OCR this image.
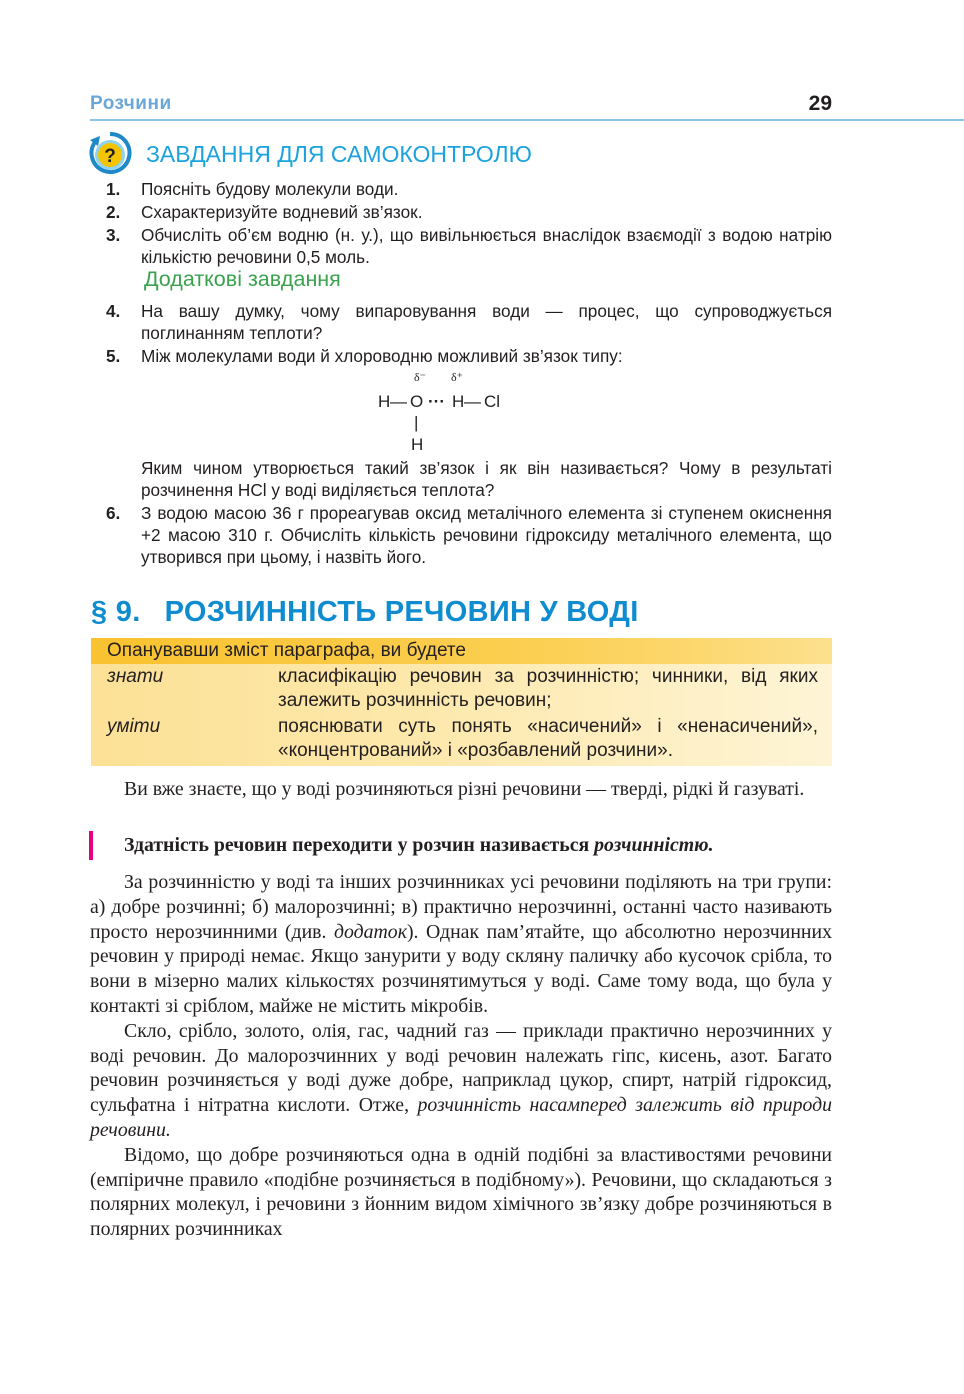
Розчини	29
? ЗАВДАННЯ ДЛЯ САМОКОНТРОЛЮ
1. Поясніть будову молекули води.
2. Схарактеризуйте водневий зв’язок.
3. Обчисліть об’єм водню (н. у.), що вивільнюється внаслідок взаємодії з водою натрію кількістю речовини 0,5 моль.
Додаткові завдання
4. На вашу думку, чому випаровування води — процес, що супроводжується поглинанням теплоти?
5. Між молекулами води й хлороводню можливий зв’язок типу:
δ⁻ δ⁺
H — O ··· H — Cl
|
H
Яким чином утворюється такий зв’язок і як він називається? Чому в результаті розчинення HCl у воді виділяється теплота?
6. З водою масою 36 г прореагував оксид металічного елемента зі ступенем окиснення +2 масою 310 г. Обчисліть кількість речовини гідроксиду металічного елемента, що утворився при цьому, і назвіть його.
§ 9. РОЗЧИННІСТЬ РЕЧОВИН У ВОДІ
Опанувавши зміст параграфа, ви будете
знати	класифікацію речовин за розчинністю; чинники, від яких залежить розчинність речовин;
уміти	пояснювати суть понять «насичений» і «ненасичений», «концентрований» і «розбавлений розчини».

Ви вже знаєте, що у воді розчиняються різні речовини — тверді, рідкі й газуваті.

Здатність речовин переходити у розчин називається розчинністю.

За розчинністю у воді та інших розчинниках усі речовини поділяють на три групи: а) добре розчинні; б) малорозчинні; в) практично нерозчинні, останні часто називають просто нерозчинними (див. додаток). Однак пам’ятайте, що абсолютно нерозчинних речовин у природі немає. Якщо занурити у воду скляну паличку або кусочок срібла, то вони в мізерно малих кількостях розчинятимуться у воді. Саме тому вода, що була у контакті зі сріблом, майже не містить мікробів.

Скло, срібло, золото, олія, гас, чадний газ — приклади практично нерозчинних у воді речовин. До малорозчинних у воді речовин належать гіпс, кисень, азот. Багато речовин розчиняється у воді дуже добре, наприклад цукор, спирт, натрій гідроксид, сульфатна і нітратна кислоти. Отже, розчинність насамперед залежить від природи речовини.

Відомо, що добре розчиняються одна в одній подібні за властивостями речовини (емпіричне правило «подібне розчиняється в подібному»). Речовини, що складаються з полярних молекул, і речовини з йонним видом хімічного зв’язку добре розчиняються в полярних розчинниках
